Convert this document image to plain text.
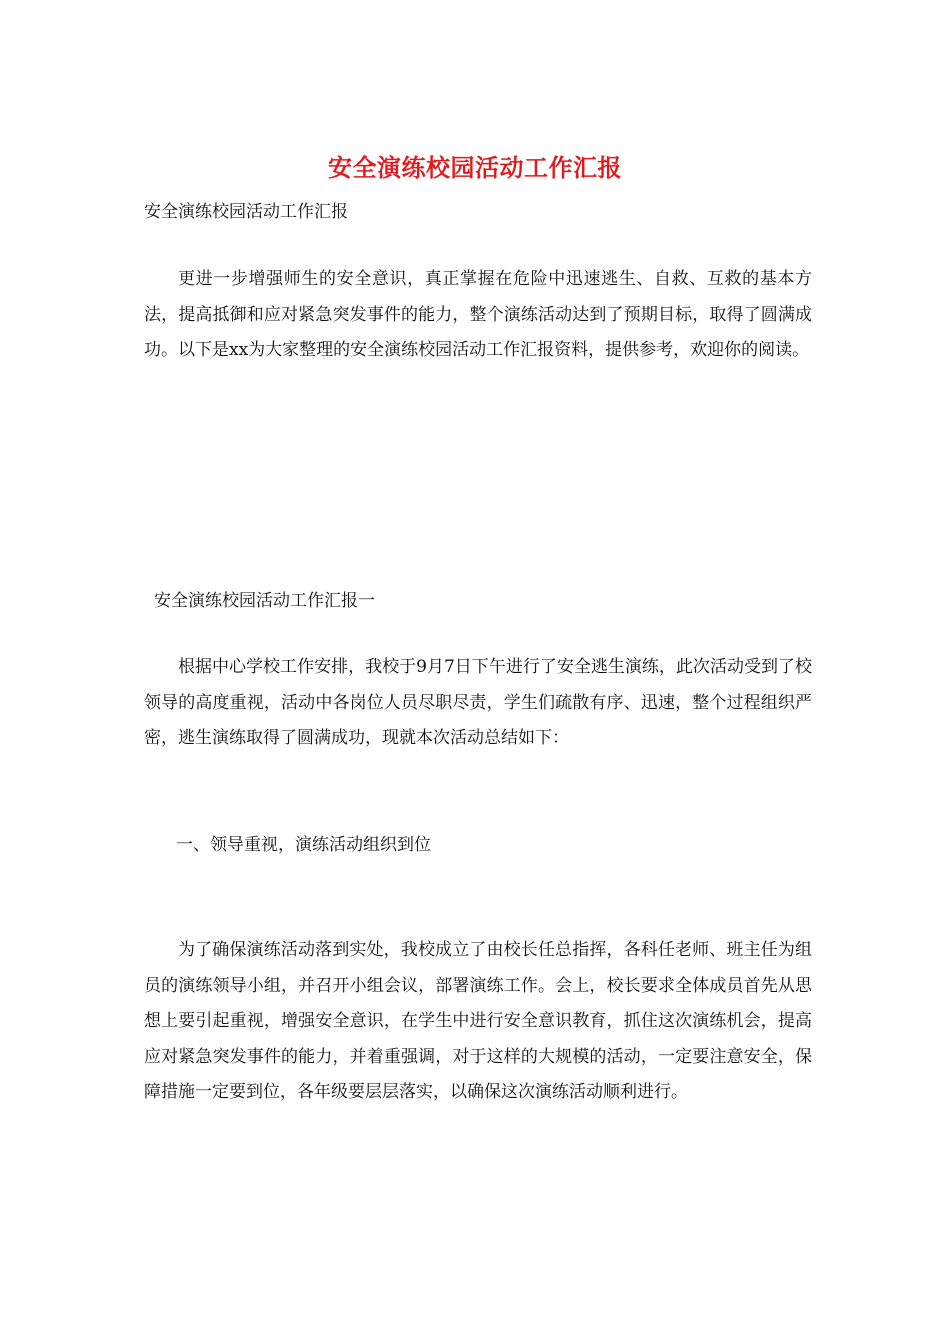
安全演练校园活动工作汇报
安全演练校园活动工作汇报

更进一步增强师生的安全意识，真正掌握在危险中迅速逃生、自救、互救的基本方法，提高抵御和应对紧急突发事件的能力，整个演练活动达到了预期目标，取得了圆满成功。以下是xx为大家整理的安全演练校园活动工作汇报资料，提供参考，欢迎你的阅读。

安全演练校园活动工作汇报一

根据中心学校工作安排，我校于9月7日下午进行了安全逃生演练，此次活动受到了校领导的高度重视，活动中各岗位人员尽职尽责，学生们疏散有序、迅速，整个过程组织严密，逃生演练取得了圆满成功，现就本次活动总结如下：

一、领导重视，演练活动组织到位

为了确保演练活动落到实处，我校成立了由校长任总指挥，各科任老师、班主任为组员的演练领导小组，并召开小组会议，部署演练工作。会上，校长要求全体成员首先从思想上要引起重视，增强安全意识，在学生中进行安全意识教育，抓住这次演练机会，提高应对紧急突发事件的能力，并着重强调，对于这样的大规模的活动，一定要注意安全，保障措施一定要到位，各年级要层层落实，以确保这次演练活动顺利进行。
